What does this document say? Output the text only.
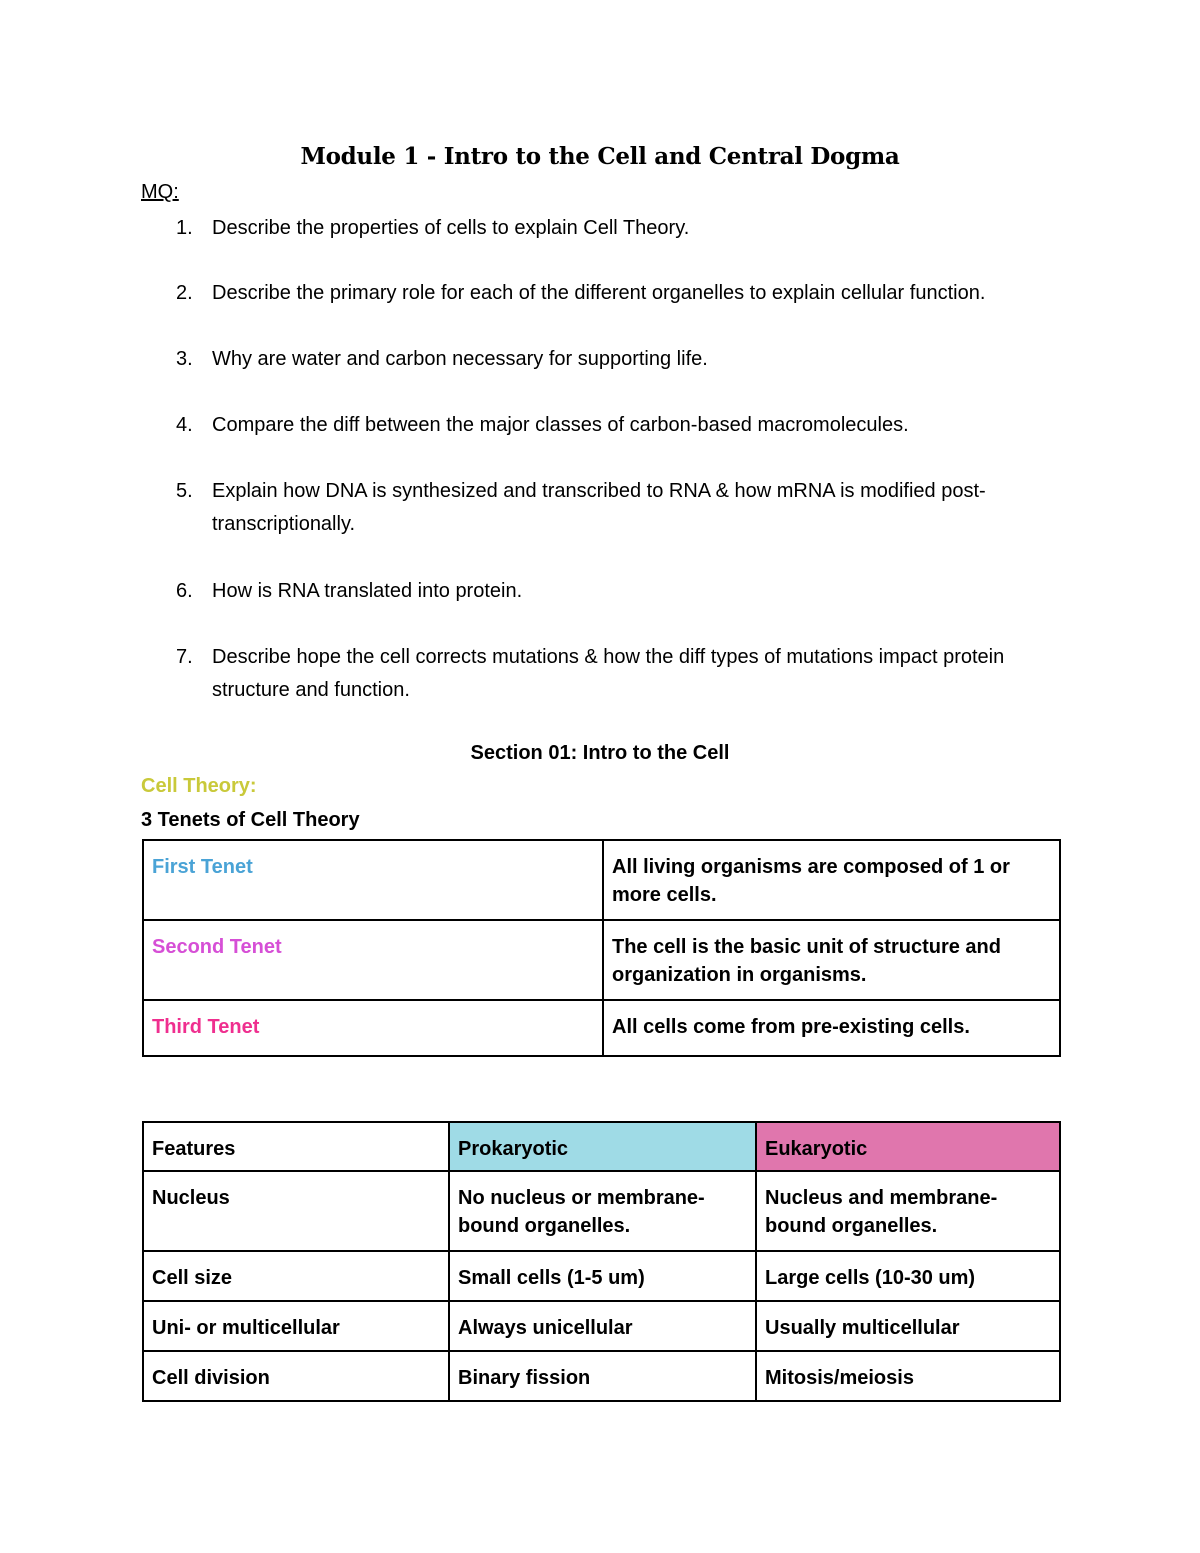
Module 1 - Intro to the Cell and Central Dogma
MQ:
1. Describe the properties of cells to explain Cell Theory.
2. Describe the primary role for each of the different organelles to explain cellular function.
3. Why are water and carbon necessary for supporting life.
4. Compare the diff between the major classes of carbon-based macromolecules.
5. Explain how DNA is synthesized and transcribed to RNA & how mRNA is modified post-transcriptionally.
6. How is RNA translated into protein.
7. Describe hope the cell corrects mutations & how the diff types of mutations impact protein structure and function.
Section 01: Intro to the Cell
Cell Theory:
3 Tenets of Cell Theory
First Tenet	All living organisms are composed of 1 or more cells.
Second Tenet	The cell is the basic unit of structure and organization in organisms.
Third Tenet	All cells come from pre-existing cells.
Features	Prokaryotic	Eukaryotic
Nucleus	No nucleus or membrane-bound organelles.	Nucleus and membrane-bound organelles.
Cell size	Small cells (1-5 um)	Large cells (10-30 um)
Uni- or multicellular	Always unicellular	Usually multicellular
Cell division	Binary fission	Mitosis/meiosis
